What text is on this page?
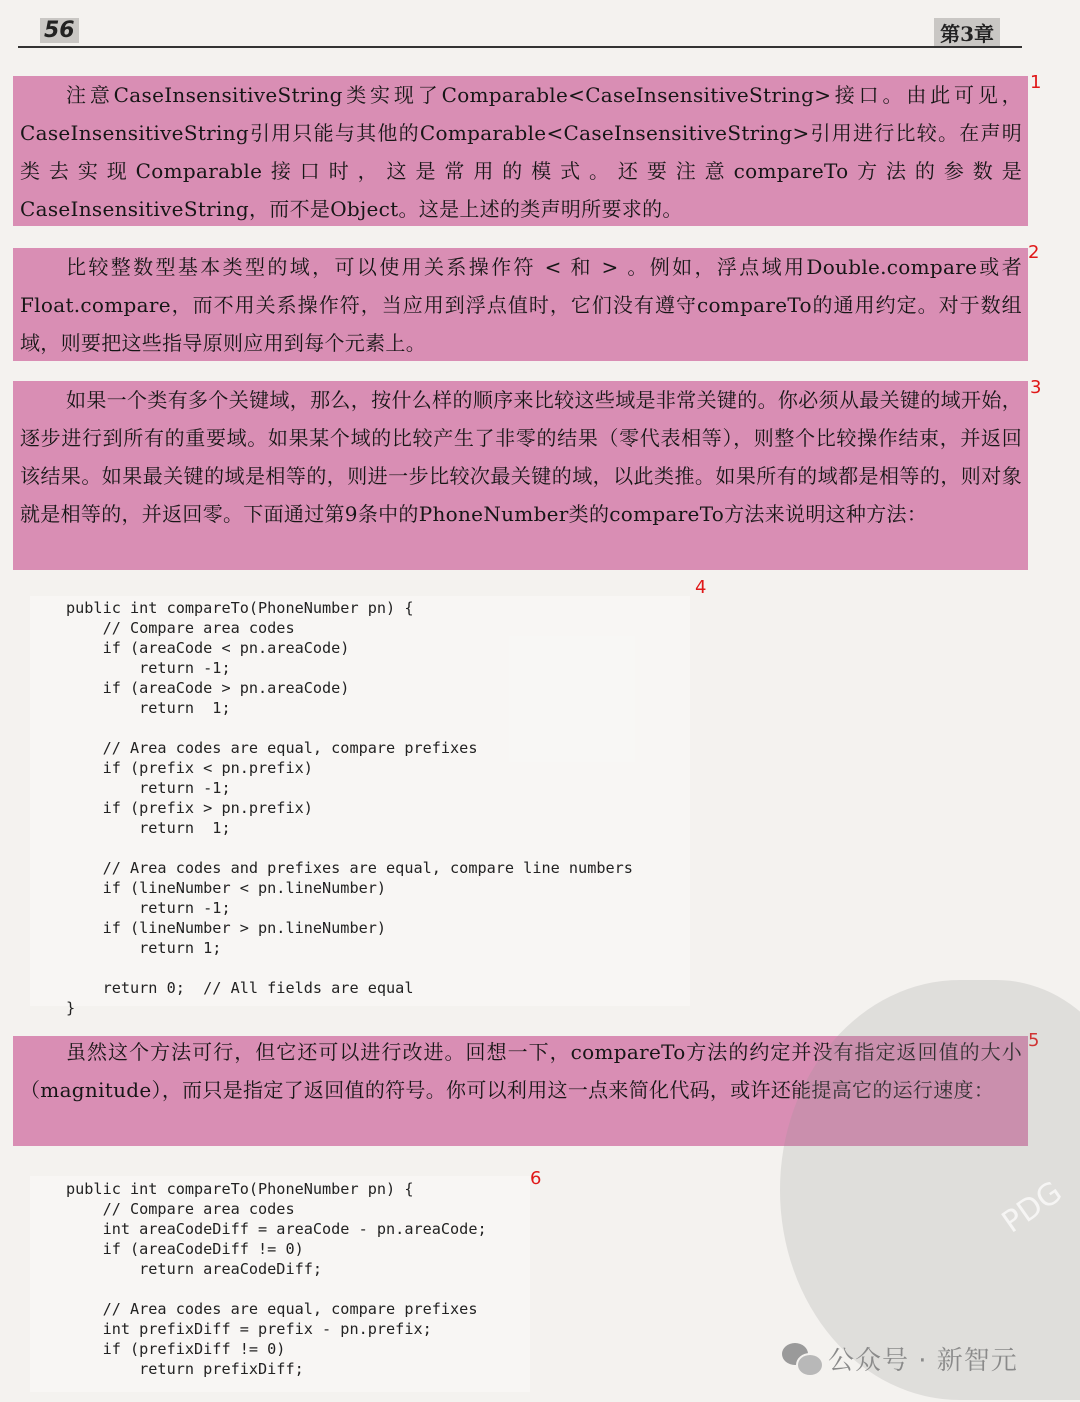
56	第3章
注意CaseInsensitiveString类实现了Comparable<CaseInsensitiveString>接口。由此可见，CaseInsensitiveString引用只能与其他的Comparable<CaseInsensitiveString>引用进行比较。在声明类去实现Comparable接口时，这是常用的模式。还要注意compareTo方法的参数是CaseInsensitiveString，而不是Object。这是上述的类声明所要求的。
1
比较整数型基本类型的域，可以使用关系操作符 < 和 > 。例如，浮点域用Double.compare或者Float.compare，而不用关系操作符，当应用到浮点值时，它们没有遵守compareTo的通用约定。对于数组域，则要把这些指导原则应用到每个元素上。
2
如果一个类有多个关键域，那么，按什么样的顺序来比较这些域是非常关键的。你必须从最关键的域开始，逐步进行到所有的重要域。如果某个域的比较产生了非零的结果（零代表相等），则整个比较操作结束，并返回该结果。如果最关键的域是相等的，则进一步比较次最关键的域，以此类推。如果所有的域都是相等的，则对象就是相等的，并返回零。下面通过第9条中的PhoneNumber类的compareTo方法来说明这种方法：
3
4
public int compareTo(PhoneNumber pn) {
// Compare area codes
if (areaCode < pn.areaCode)
return -1;
if (areaCode > pn.areaCode)
return  1;

// Area codes are equal, compare prefixes
if (prefix < pn.prefix)
return -1;
if (prefix > pn.prefix)
return  1;

// Area codes and prefixes are equal, compare line numbers
if (lineNumber < pn.lineNumber)
return -1;
if (lineNumber > pn.lineNumber)
return 1;

return 0;  // All fields are equal
}
虽然这个方法可行，但它还可以进行改进。回想一下，compareTo方法的约定并没有指定返回值的大小（magnitude），而只是指定了返回值的符号。你可以利用这一点来简化代码，或许还能提高它的运行速度：
5
6
public int compareTo(PhoneNumber pn) {
// Compare area codes
int areaCodeDiff = areaCode - pn.areaCode;
if (areaCodeDiff != 0)
return areaCodeDiff;

// Area codes are equal, compare prefixes
int prefixDiff = prefix - pn.prefix;
if (prefixDiff != 0)
return prefixDiff;
PDG
公众号 · 新智元
